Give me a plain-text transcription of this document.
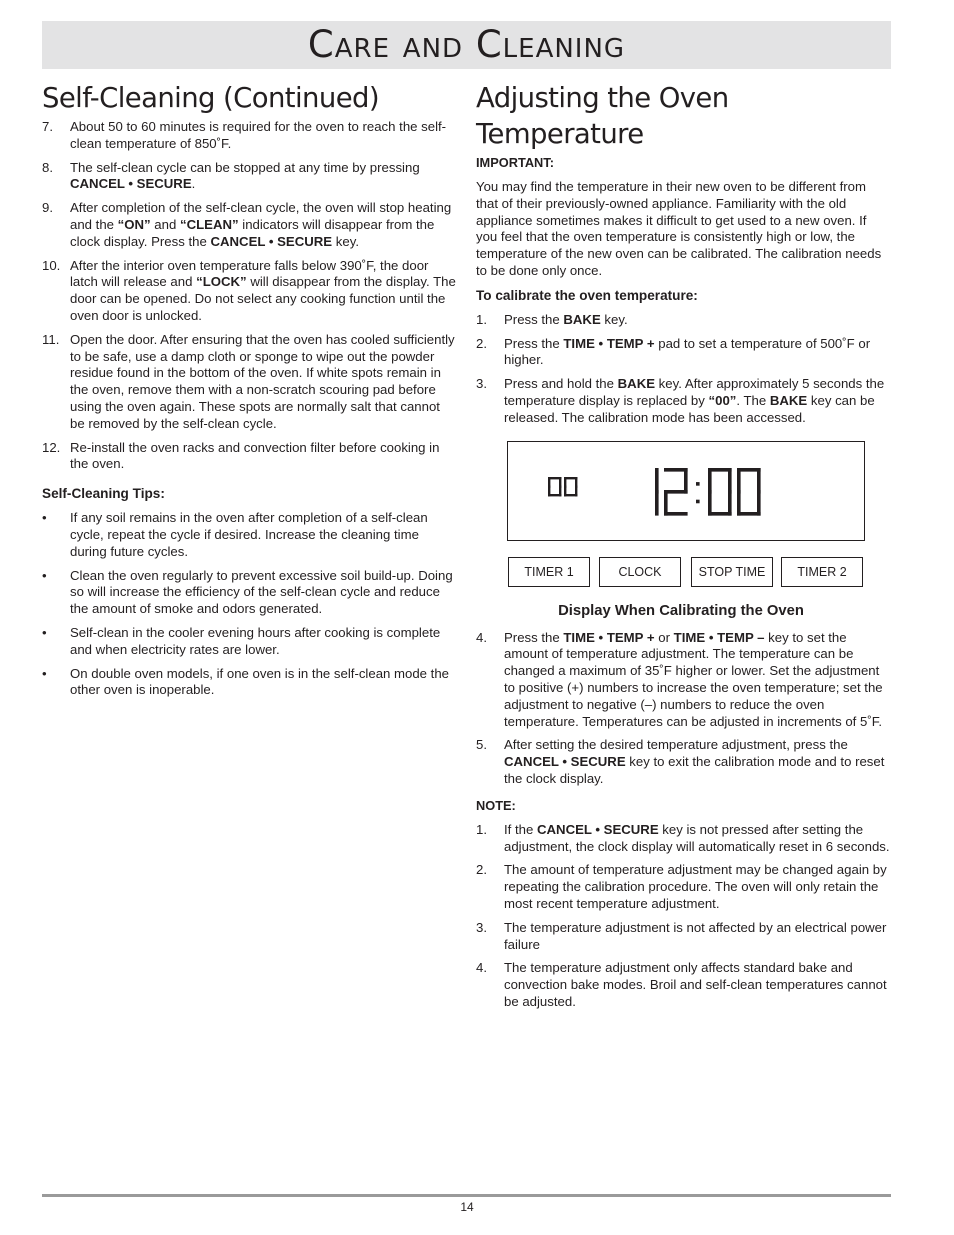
Care and Cleaning
Self-Cleaning (Continued)
7. About 50 to 60 minutes is required for the oven to reach the self-clean temperature of 850˚F.
8. The self-clean cycle can be stopped at any time by pressing CANCEL • SECURE.
9. After completion of the self-clean cycle, the oven will stop heating and the “ON” and “CLEAN” indicators will disappear from the clock display. Press the CANCEL • SECURE key.
10. After the interior oven temperature falls below 390˚F, the door latch will release and “LOCK” will disappear from the display. The door can be opened. Do not select any cooking function until the oven door is unlocked.
11. Open the door. After ensuring that the oven has cooled sufficiently to be safe, use a damp cloth or sponge to wipe out the powder residue found in the bottom of the oven. If white spots remain in the oven, remove them with a non-scratch scouring pad before using the oven again. These spots are normally salt that cannot be removed by the self-clean cycle.
12. Re-install the oven racks and convection filter before cooking in the oven.
Self-Cleaning Tips:
• If any soil remains in the oven after completion of a self-clean cycle, repeat the cycle if desired. Increase the cleaning time during future cycles.
• Clean the oven regularly to prevent excessive soil build-up. Doing so will increase the efficiency of the self-clean cycle and reduce the amount of smoke and odors generated.
• Self-clean in the cooler evening hours after cooking is complete and when electricity rates are lower.
• On double oven models, if one oven is in the self-clean mode the other oven is inoperable.
Adjusting the Oven Temperature
IMPORTANT:

You may find the temperature in their new oven to be different from that of their previously-owned appliance. Familiarity with the old appliance sometimes makes it difficult to get used to a new oven. If you feel that the oven temperature is consistently high or low, the temperature of the new oven can be calibrated. The calibration needs to be done only once.

To calibrate the oven temperature:
1. Press the BAKE key.
2. Press the TIME • TEMP + pad to set a temperature of 500˚F or higher.
3. Press and hold the BAKE key. After approximately 5 seconds the temperature display is replaced by “00”. The BAKE key can be released. The calibration mode has been accessed.
TIMER 1	CLOCK	STOP TIME	TIMER 2
Display When Calibrating the Oven
4. Press the TIME • TEMP + or TIME • TEMP – key to set the amount of temperature adjustment. The temperature can be changed a maximum of 35˚F higher or lower. Set the adjustment to positive (+) numbers to increase the oven temperature; set the adjustment to negative (–) numbers to reduce the oven temperature. Temperatures can be adjusted in increments of 5˚F.
5. After setting the desired temperature adjustment, press the CANCEL • SECURE key to exit the calibration mode and to reset the clock display.
NOTE:
1. If the CANCEL • SECURE key is not pressed after setting the adjustment, the clock display will automatically reset in 6 seconds.
2. The amount of temperature adjustment may be changed again by repeating the calibration procedure. The oven will only retain the most recent temperature adjustment.
3. The temperature adjustment is not affected by an electrical power failure
4. The temperature adjustment only affects standard bake and convection bake modes. Broil and self-clean temperatures cannot be adjusted.
14
